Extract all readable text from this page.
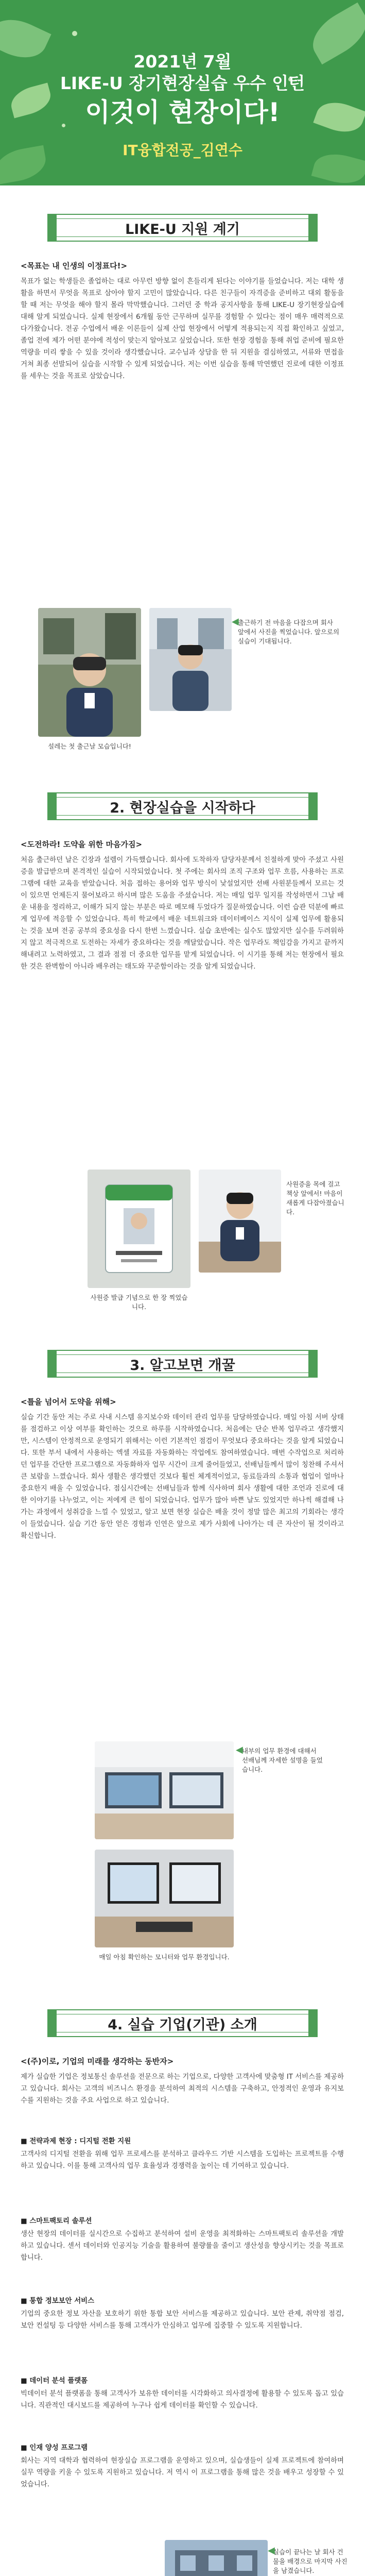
2021년 7월
LIKE-U 장기현장실습 우수 인턴
이것이 현장이다!
IT융합전공_김연수
LIKE-U 지원 계기
<목표는 내 인생의 이정표다!>
목표가 없는 학생들은 졸업하는 대로 아무런 방향 없이 흔들리게 된다는 이야기를 들었습니다. 저는 대학 생활을 하면서 무엇을 목표로 삼아야 할지 고민이 많았습니다. 다른 친구들이 자격증을 준비하고 대외 활동을 할 때 저는 무엇을 해야 할지 몰라 막막했습니다. 그러던 중 학과 공지사항을 통해 LIKE-U 장기현장실습에 대해 알게 되었습니다. 실제 현장에서 6개월 동안 근무하며 실무를 경험할 수 있다는 점이 매우 매력적으로 다가왔습니다. 전공 수업에서 배운 이론들이 실제 산업 현장에서 어떻게 적용되는지 직접 확인하고 싶었고, 졸업 전에 제가 어떤 분야에 적성이 맞는지 알아보고 싶었습니다. 또한 현장 경험을 통해 취업 준비에 필요한 역량을 미리 쌓을 수 있을 것이라 생각했습니다. 교수님과 상담을 한 뒤 지원을 결심하였고, 서류와 면접을 거쳐 최종 선발되어 실습을 시작할 수 있게 되었습니다. 저는 이번 실습을 통해 막연했던 진로에 대한 이정표를 세우는 것을 목표로 삼았습니다.
설레는 첫 출근날 모습입니다!
출근하기 전 마음을 다잡으며 회사 앞에서 사진을 찍었습니다. 앞으로의 실습이 기대됩니다.
◀
2. 현장실습을 시작하다
<도전하라! 도약을 위한 마음가짐>
처음 출근하던 날은 긴장과 설렘이 가득했습니다. 회사에 도착하자 담당자분께서 친절하게 맞아 주셨고 사원증을 발급받으며 본격적인 실습이 시작되었습니다. 첫 주에는 회사의 조직 구조와 업무 흐름, 사용하는 프로그램에 대한 교육을 받았습니다. 처음 접하는 용어와 업무 방식이 낯설었지만 선배 사원분들께서 모르는 것이 있으면 언제든지 물어보라고 하시며 많은 도움을 주셨습니다. 저는 매일 업무 일지를 작성하면서 그날 배운 내용을 정리하고, 이해가 되지 않는 부분은 따로 메모해 두었다가 질문하였습니다. 이런 습관 덕분에 빠르게 업무에 적응할 수 있었습니다. 특히 학교에서 배운 네트워크와 데이터베이스 지식이 실제 업무에 활용되는 것을 보며 전공 공부의 중요성을 다시 한번 느꼈습니다. 실습 초반에는 실수도 많았지만 실수를 두려워하지 않고 적극적으로 도전하는 자세가 중요하다는 것을 깨달았습니다. 작은 업무라도 책임감을 가지고 끝까지 해내려고 노력하였고, 그 결과 점점 더 중요한 업무를 맡게 되었습니다. 이 시기를 통해 저는 현장에서 필요한 것은 완벽함이 아니라 배우려는 태도와 꾸준함이라는 것을 알게 되었습니다.
사원증 발급 기념으로 한 장 찍었습니다.
사원증을 목에 걸고 책상 앞에서! 마음이 새롭게 다잡아졌습니다.
3. 알고보면 개꿀
<틀을 넘어서 도약을 위해>
실습 기간 동안 저는 주로 사내 시스템 유지보수와 데이터 관리 업무를 담당하였습니다. 매일 아침 서버 상태를 점검하고 이상 여부를 확인하는 것으로 하루를 시작하였습니다. 처음에는 단순 반복 업무라고 생각했지만, 시스템이 안정적으로 운영되기 위해서는 이런 기본적인 점검이 무엇보다 중요하다는 것을 알게 되었습니다. 또한 부서 내에서 사용하는 엑셀 자료를 자동화하는 작업에도 참여하였습니다. 매번 수작업으로 처리하던 업무를 간단한 프로그램으로 자동화하자 업무 시간이 크게 줄어들었고, 선배님들께서 많이 칭찬해 주셔서 큰 보람을 느꼈습니다. 회사 생활은 생각했던 것보다 훨씬 체계적이었고, 동료들과의 소통과 협업이 얼마나 중요한지 배울 수 있었습니다. 점심시간에는 선배님들과 함께 식사하며 회사 생활에 대한 조언과 진로에 대한 이야기를 나누었고, 이는 저에게 큰 힘이 되었습니다. 업무가 많아 바쁜 날도 있었지만 하나씩 해결해 나가는 과정에서 성취감을 느낄 수 있었고, 알고 보면 현장 실습은 배울 것이 정말 많은 최고의 기회라는 생각이 들었습니다. 실습 기간 동안 얻은 경험과 인연은 앞으로 제가 사회에 나아가는 데 큰 자산이 될 것이라고 확신합니다.
내부의 업무 환경에 대해서 선배님께 자세한 설명을 들었습니다.
◀
매일 아침 확인하는 모니터와 업무 환경입니다.
4. 실습 기업(기관) 소개
<(주)이로, 기업의 미래를 생각하는 동반자>
제가 실습한 기업은 정보통신 솔루션을 전문으로 하는 기업으로, 다양한 고객사에 맞춤형 IT 서비스를 제공하고 있습니다. 회사는 고객의 비즈니스 환경을 분석하여 최적의 시스템을 구축하고, 안정적인 운영과 유지보수를 지원하는 것을 주요 사업으로 하고 있습니다.
■ 전략과제 현장 : 디지털 전환 지원
고객사의 디지털 전환을 위해 업무 프로세스를 분석하고 클라우드 기반 시스템을 도입하는 프로젝트를 수행하고 있습니다. 이를 통해 고객사의 업무 효율성과 경쟁력을 높이는 데 기여하고 있습니다.
■ 스마트팩토리 솔루션
생산 현장의 데이터를 실시간으로 수집하고 분석하여 설비 운영을 최적화하는 스마트팩토리 솔루션을 개발하고 있습니다. 센서 데이터와 인공지능 기술을 활용하여 불량률을 줄이고 생산성을 향상시키는 것을 목표로 합니다.
■ 통합 정보보안 서비스
기업의 중요한 정보 자산을 보호하기 위한 통합 보안 서비스를 제공하고 있습니다. 보안 관제, 취약점 점검, 보안 컨설팅 등 다양한 서비스를 통해 고객사가 안심하고 업무에 집중할 수 있도록 지원합니다.
■ 데이터 분석 플랫폼
빅데이터 분석 플랫폼을 통해 고객사가 보유한 데이터를 시각화하고 의사결정에 활용할 수 있도록 돕고 있습니다. 직관적인 대시보드를 제공하여 누구나 쉽게 데이터를 확인할 수 있습니다.
■ 인재 양성 프로그램
회사는 지역 대학과 협력하여 현장실습 프로그램을 운영하고 있으며, 실습생들이 실제 프로젝트에 참여하며 실무 역량을 키울 수 있도록 지원하고 있습니다. 저 역시 이 프로그램을 통해 많은 것을 배우고 성장할 수 있었습니다.
실습이 끝나는 날 회사 건물을 배경으로 마지막 사진을 남겼습니다.
◀
